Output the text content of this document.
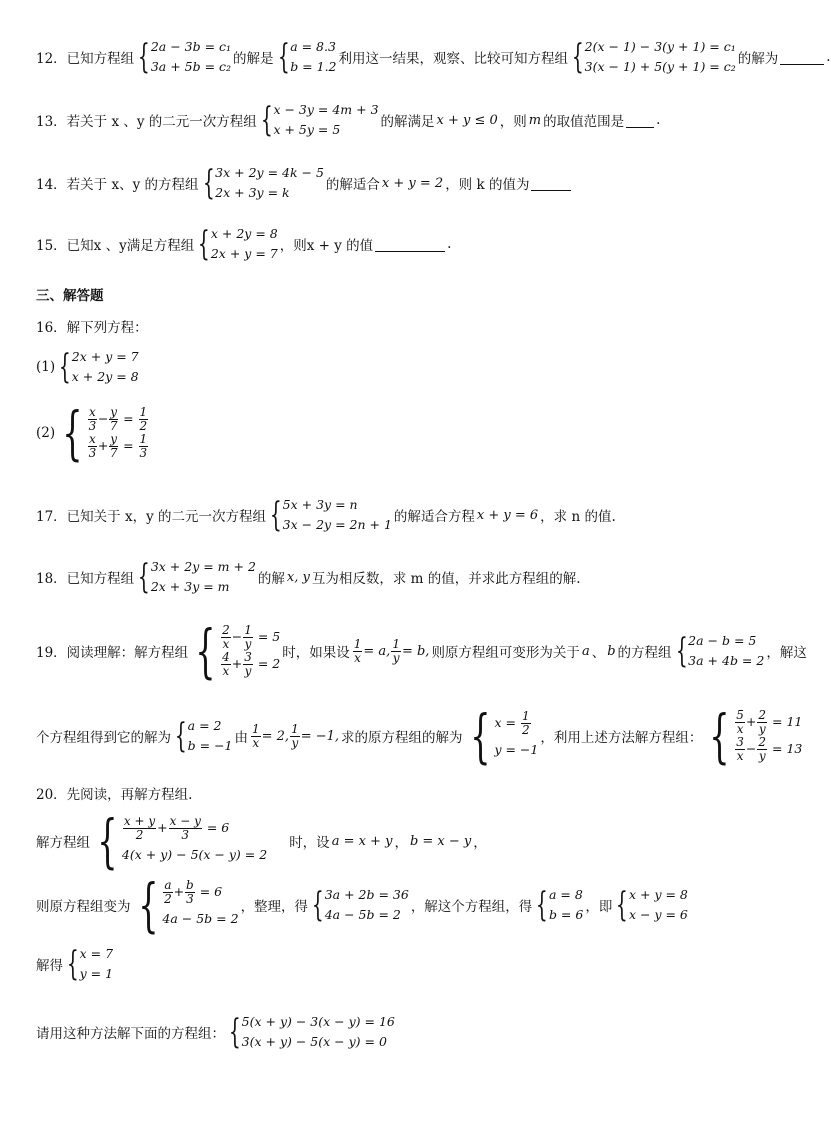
12．已知方程组 { 2a − 3b = c₁
3a + 5b = c₂ 的解是 { a = 8.3
b = 1.2 利用这一结果，观察、比较可知方程组 { 2(x − 1) − 3(y + 1) = c₁
3(x − 1) + 5(y + 1) = c₂ 的解为	.
13．若关于 x 、y 的二元一次方程组 { x − 3y = 4m + 3
x + 5y = 5	的解满足 x + y ≤ 0 ，则 m 的取值范围是 .
14．若关于 x、y 的方程组 { 3x + 2y = 4k − 5
2x + 3y = k	的解适合 x + y = 2 ，则 k 的值为
15．已知x 、y满足方程组 { x + 2y = 8
2x + y = 7 ，则x + y 的值	.
三、解答题
16．解下列方程：
(1) { 2x + y = 7
x + 2y = 8
(2) { $\frac{x}{3} - \frac{y}{7} = \frac{1}{2}$
$\frac{x}{3} + \frac{y}{7} = \frac{1}{3}$
17．已知关于 x，y 的二元一次方程组 { 5x + 3y = n
3x − 2y = 2n + 1 的解适合方程 x + y = 6 ，求 n 的值.
18．已知方程组 { 3x + 2y = m + 2
2x + 3y = m	的解 x, y 互为相反数，求 m 的值，并求此方程组的解.
19．阅读理解：解方程组 { $\frac{2}{x} - \frac{1}{y} = 5$
$\frac{4}{x} + \frac{3}{y} = 2$
时，如果设 $\frac{1}{x} = a$, $\frac{1}{y} = b$, 则原方程组可变形为关于 a 、 b 的方程组 { 2a − b = 5
3a + 4b = 2 ，解这
个方程组得到它的解为 { a = 2
b = −1 由 $\frac{1}{x} = 2$, $\frac{1}{y} = -1$, 求的原方程组的解为 { $x = \frac{1}{2}$
y = −1
，利用上述方法解方程组： { $\frac{5}{x} + \frac{2}{y} = 11$
$\frac{3}{x} - \frac{2}{y} = 13$
20．先阅读，再解方程组.
解方程组 { $\frac{x + y}{2} + \frac{x - y}{3} = 6$
4(x + y) − 5(x − y) = 2
时，设 a = x + y ， b = x − y ，
则原方程组变为 { $\frac{a}{2} + \frac{b}{3} = 6$
4a − 5b = 2
，整理，得 { 3a + 2b = 36
4a − 5b = 2 ，解这个方程组，得 { a = 8
b = 6 ，即 { x + y = 8
x − y = 6
解得 { x = 7
y = 1
请用这种方法解下面的方程组： { 5(x + y) − 3(x − y) = 16
3(x + y) − 5(x − y) = 0
